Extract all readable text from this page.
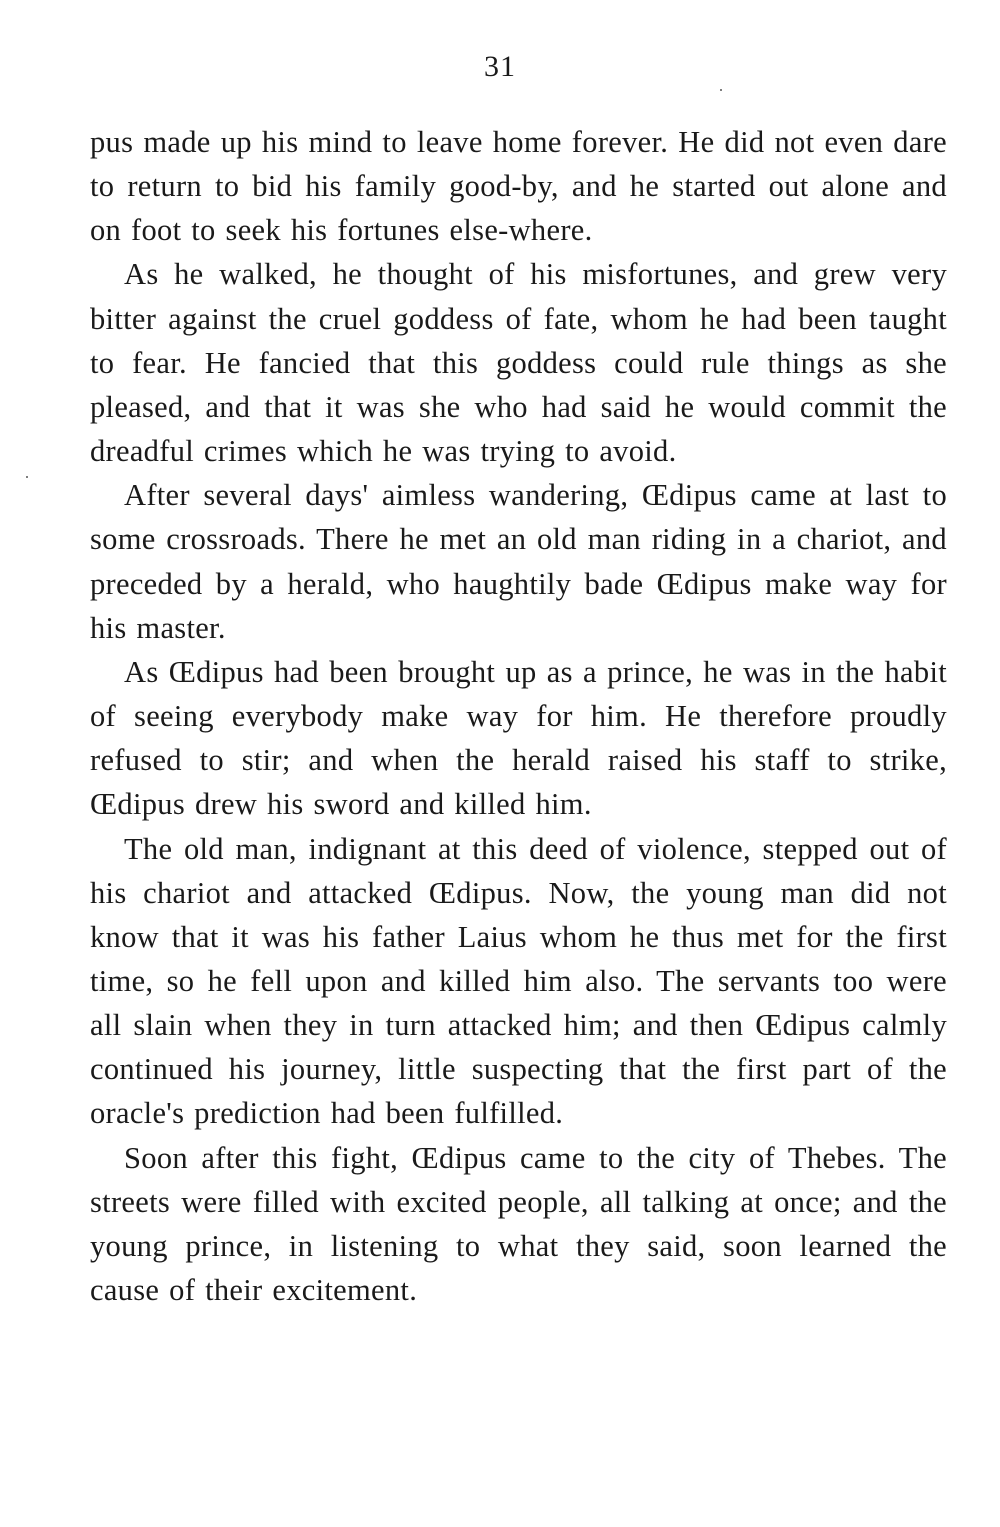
31

pus made up his mind to leave home forever. He did not even dare to return to bid his family good-by, and he started out alone and on foot to seek his fortunes else-where.

As he walked, he thought of his misfortunes, and grew very bitter against the cruel goddess of fate, whom he had been taught to fear. He fancied that this goddess could rule things as she pleased, and that it was she who had said he would commit the dreadful crimes which he was trying to avoid.

After several days' aimless wandering, Œdipus came at last to some crossroads. There he met an old man riding in a chariot, and preceded by a herald, who haughtily bade Œdipus make way for his master.

As Œdipus had been brought up as a prince, he was in the habit of seeing everybody make way for him. He therefore proudly refused to stir; and when the herald raised his staff to strike, Œdipus drew his sword and killed him.

The old man, indignant at this deed of violence, stepped out of his chariot and attacked Œdipus. Now, the young man did not know that it was his father Laius whom he thus met for the first time, so he fell upon and killed him also. The servants too were all slain when they in turn attacked him; and then Œdipus calmly continued his journey, little suspecting that the first part of the oracle's prediction had been fulfilled.

Soon after this fight, Œdipus came to the city of Thebes. The streets were filled with excited people, all talking at once; and the young prince, in listening to what they said, soon learned the cause of their excitement.
